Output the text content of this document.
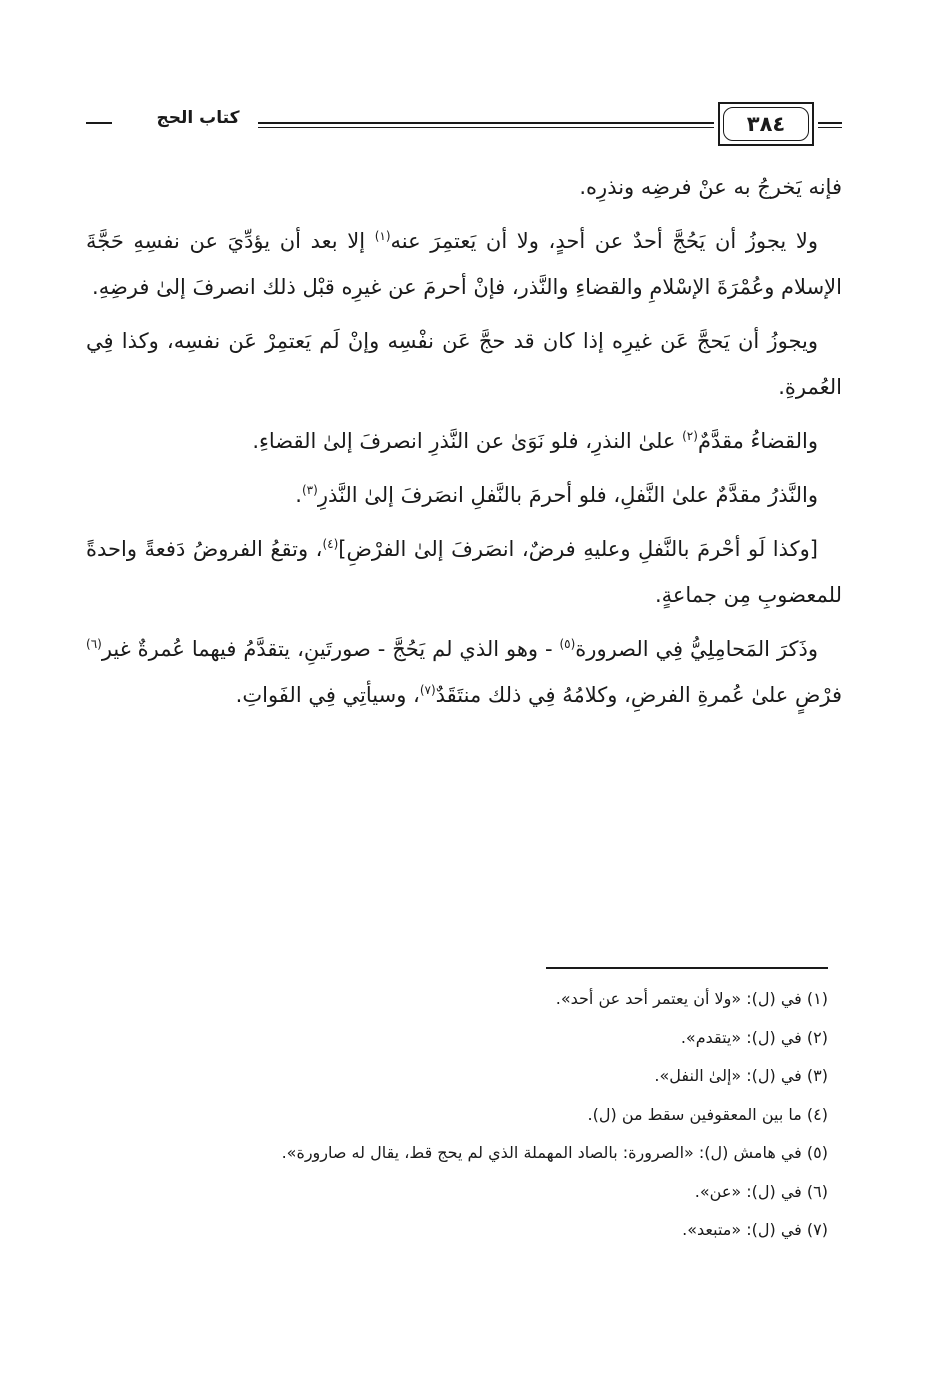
٣٨٤
كتاب الحج

فإنه يَخرجُ به عنْ فرضِه ونذرِه.

ولا يجوزُ أن يَحُجَّ أحدٌ عن أحدٍ، ولا أن يَعتمِرَ عنه$^{(١)}$ إلا بعد أن يؤدِّيَ عن نفسِهِ حَجَّةَ الإسلام وعُمْرَةَ الإسْلامِ والقضاءِ والنَّذر، فإنْ أحرمَ عن غيرِه قبْل ذلك انصرفَ إلىٰ فرضِهِ.

ويجوزُ أن يَحجَّ عَن غيرِه إذا كان قد حجَّ عَن نفْسِه وإنْ لَم يَعتمِرْ عَن نفسِه، وكذا فِي العُمرةِ.

والقضاءُ مقدَّمٌ$^{(٢)}$ علىٰ النذرِ، فلو نَوَىٰ عن النَّذرِ انصرفَ إلىٰ القضاءِ.

والنَّذرُ مقدَّمٌ علىٰ النَّفلِ، فلو أحرمَ بالنَّفلِ انصَرفَ إلىٰ النَّذرِ$^{(٣)}$.

[وكذا لَو أحْرمَ بالنَّفلِ وعليهِ فرضٌ، انصَرفَ إلىٰ الفرْضِ]$^{(٤)}$، وتقعُ الفروضُ دَفعةً واحدةً للمعضوبِ مِن جماعةٍ.

وذَكرَ المَحامِلِيُّ فِي الصرورة$^{(٥)}$ - وهو الذي لم يَحُجَّ - صورتَينِ، يتقدَّمُ فيهما عُمرةٌ غير$^{(٦)}$ فرْضٍ علىٰ عُمرةِ الفرضِ، وكلامُهُ فِي ذلك منتَقَدٌ$^{(٧)}$، وسيأتِي فِي الفَواتِ.

(١) في (ل): «ولا أن يعتمر أحد عن أحد».
(٢) في (ل): «يتقدم».
(٣) في (ل): «إلىٰ النفل».
(٤) ما بين المعقوفين سقط من (ل).
(٥) في هامش (ل): «الصرورة: بالصاد المهملة الذي لم يحج قط، يقال له صارورة».
(٦) في (ل): «عن».
(٧) في (ل): «متبعد».
